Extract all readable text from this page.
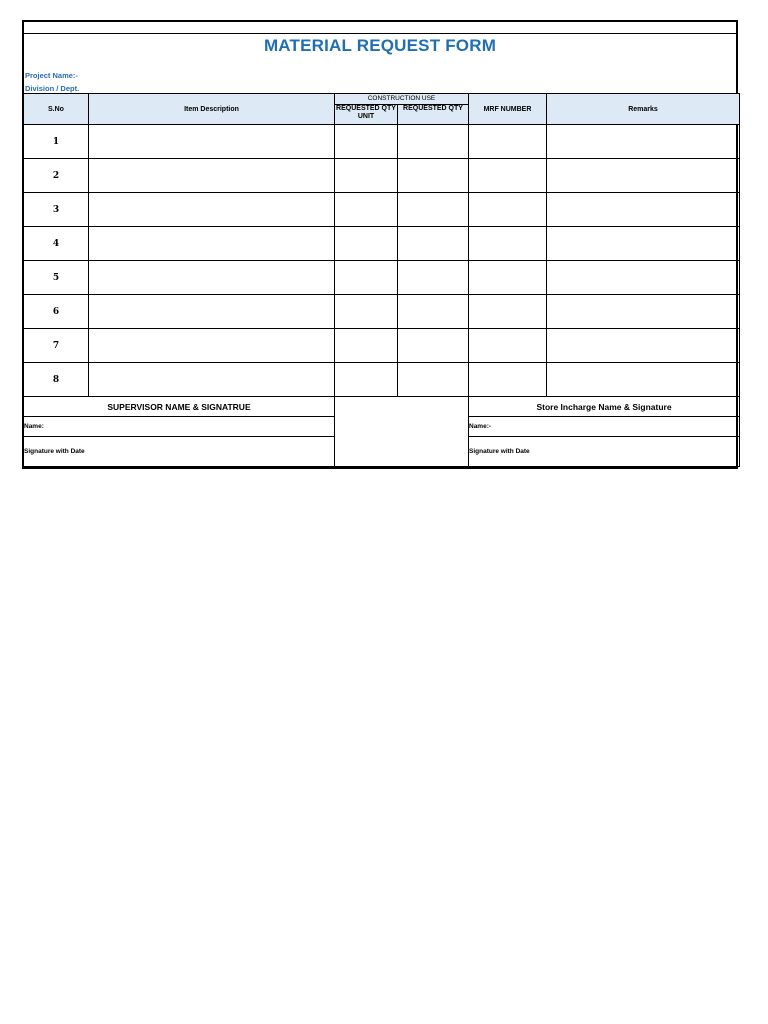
MATERIAL REQUEST FORM
Project Name:-
Division / Dept.
S.No	Item Description	CONSTRUCTION USE		MRF NUMBER	Remarks
		REQUESTED QTY UNIT	REQUESTED QTY		
1					
2					
3					
4					
5					
6					
7					
8					
SUPERVISOR NAME & SIGNATRUE				Store Incharge Name & Signature	
Name:				Name:-	
Signature with Date				Signature with Date	
